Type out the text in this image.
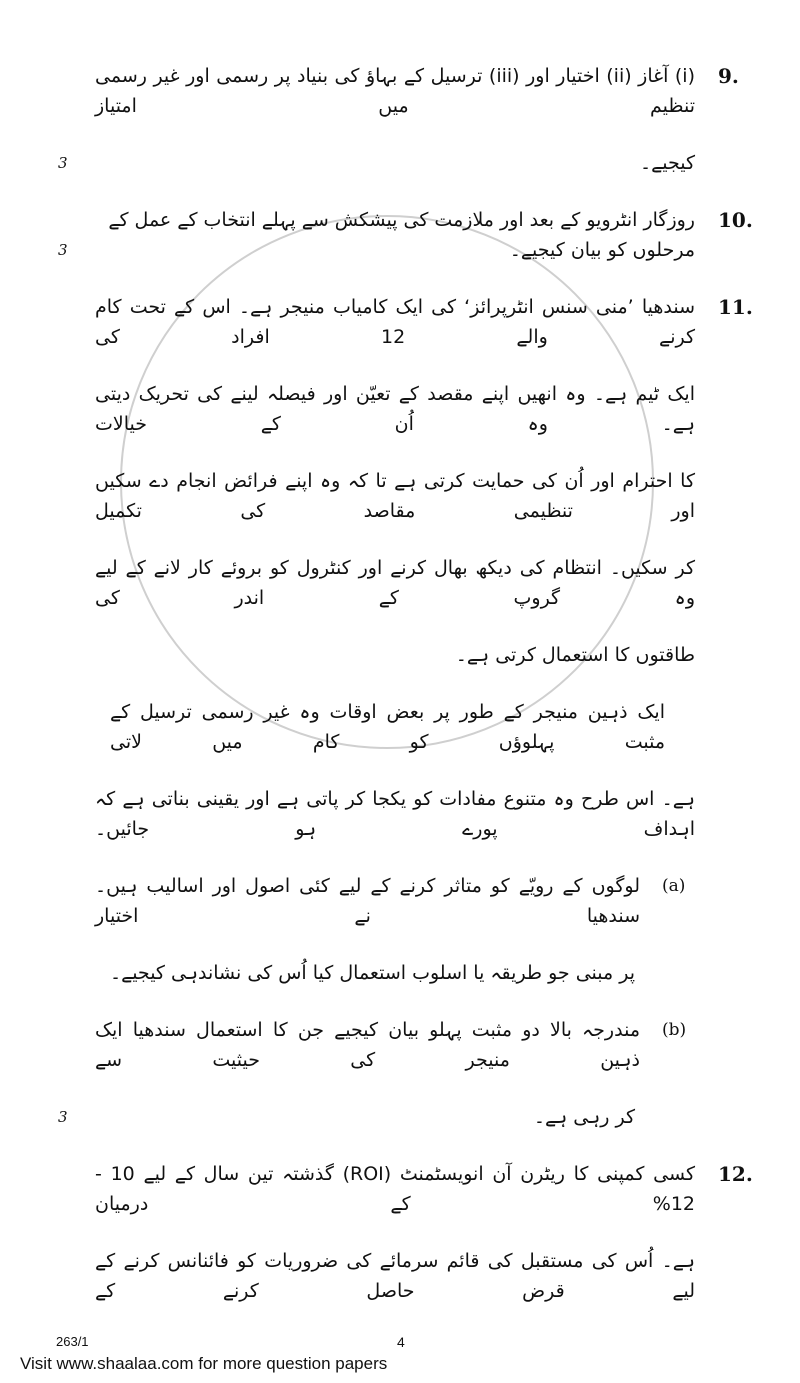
9.
(i) آغاز (ii) اختیار اور (iii) ترسیل کے بہاؤ کی بنیاد پر رسمی اور غیر رسمی تنظیم میں امتیاز
کیجیے۔
3
10.
روزگار انٹرویو کے بعد اور ملازمت کی پیشکش سے پہلے انتخاب کے عمل کے مرحلوں کو بیان کیجیے۔
3
11.
سندھیا ’منی سنس انٹرپرائز‘ کی ایک کامیاب منیجر ہے۔ اس کے تحت کام کرنے والے 12 افراد کی
ایک ٹیم ہے۔ وہ انھیں اپنے مقصد کے تعیّن اور فیصلہ لینے کی تحریک دیتی ہے۔ وہ اُن کے خیالات
کا احترام اور اُن کی حمایت کرتی ہے تا کہ وہ اپنے فرائض انجام دے سکیں اور تنظیمی مقاصد کی تکمیل
کر سکیں۔ انتظام کی دیکھ بھال کرنے اور کنٹرول کو بروئے کار لانے کے لیے وہ گروپ کے اندر کی
طاقتوں کا استعمال کرتی ہے۔
ایک ذہین منیجر کے طور پر بعض اوقات وہ غیر رسمی ترسیل کے مثبت پہلوؤں کو کام میں لاتی
ہے۔ اس طرح وہ متنوع مفادات کو یکجا کر پاتی ہے اور یقینی بناتی ہے کہ اہداف پورے ہو جائیں۔
(a)
لوگوں کے رویّے کو متاثر کرنے کے لیے کئی اصول اور اسالیب ہیں۔ سندھیا نے اختیار
پر مبنی جو طریقہ یا اسلوب استعمال کیا اُس کی نشاندہی کیجیے۔
(b)
مندرجہ بالا دو مثبت پہلو بیان کیجیے جن کا استعمال سندھیا ایک ذہین منیجر کی حیثیت سے
کر رہی ہے۔
3
12.
کسی کمپنی کا ریٹرن آن انویسٹمنٹ (ROI) گذشتہ تین سال کے لیے 10 - 12% کے درمیان
ہے۔ اُس کی مستقبل کی قائم سرمائے کی ضروریات کو فائنانس کرنے کے لیے قرض حاصل کرنے کے
263/1	4
Visit www.shaalaa.com for more question papers
